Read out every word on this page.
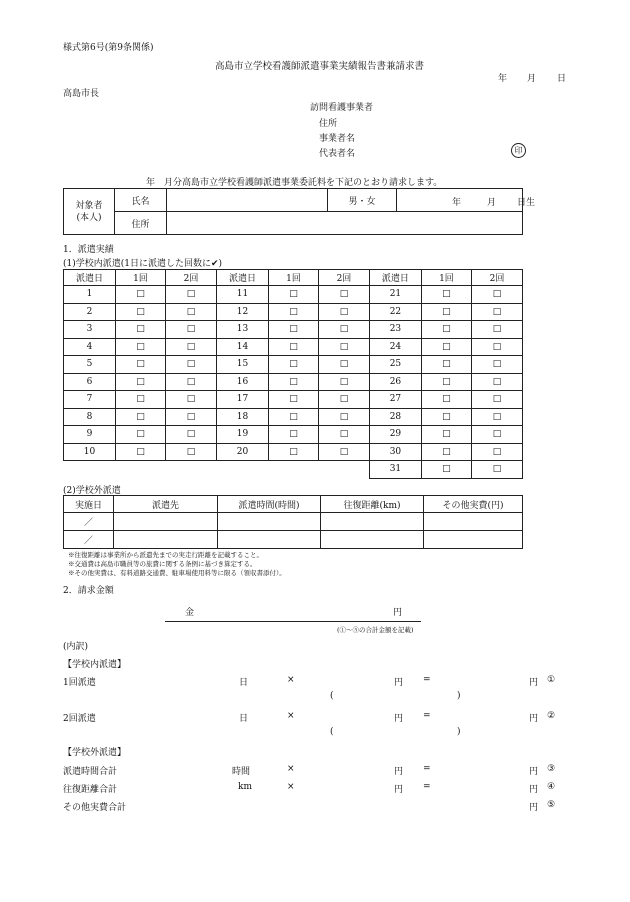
様式第6号(第9条関係)
高島市立学校看護師派遣事業実績報告書兼請求書
年 月 日
高島市長
訪問看護事業者
住所
事業者名
代表者名	印
年　月分高島市立学校看護師派遣事業委託料を下記のとおり請求します。
対象者
(本人)	氏名		男・女	年 月 日生

	住所			
1．派遣実績
(1)学校内派遣(1日に派遣した回数に✔)
派遣日	1回	2回	派遣日	1回	2回	派遣日	1回	2回
1	□	□	11	□	□	21	□	□
2	□	□	12	□	□	22	□	□
3	□	□	13	□	□	23	□	□
4	□	□	14	□	□	24	□	□
5	□	□	15	□	□	25	□	□
6	□	□	16	□	□	26	□	□
7	□	□	17	□	□	27	□	□
8	□	□	18	□	□	28	□	□
9	□	□	19	□	□	29	□	□
10	□	□	20	□	□	30	□	□
						31	□	□
(2)学校外派遣
実施日	派遣先	派遣時間(時間)	往復距離(km)	その他実費(円)
／				
／				
※往復距離は事業所から派遣先までの実走行距離を記載すること。
※交通費は高島市職員等の旅費に関する条例に基づき算定する。
※その他実費は、有料道路交通費、駐車場使用料等に限る（領収書添付）。
2．請求金額
金	円
(①～⑤の合計金額を記載)
(内訳)
【学校内派遣】
1回派遣	日	×	円 =	円 ①
(	)
2回派遣	日	×	円 =	円 ②
(	)
【学校外派遣】
派遣時間合計	時間	×	円 =	円 ③
往復距離合計	km	×	円 =	円 ④
その他実費合計	円 ⑤
